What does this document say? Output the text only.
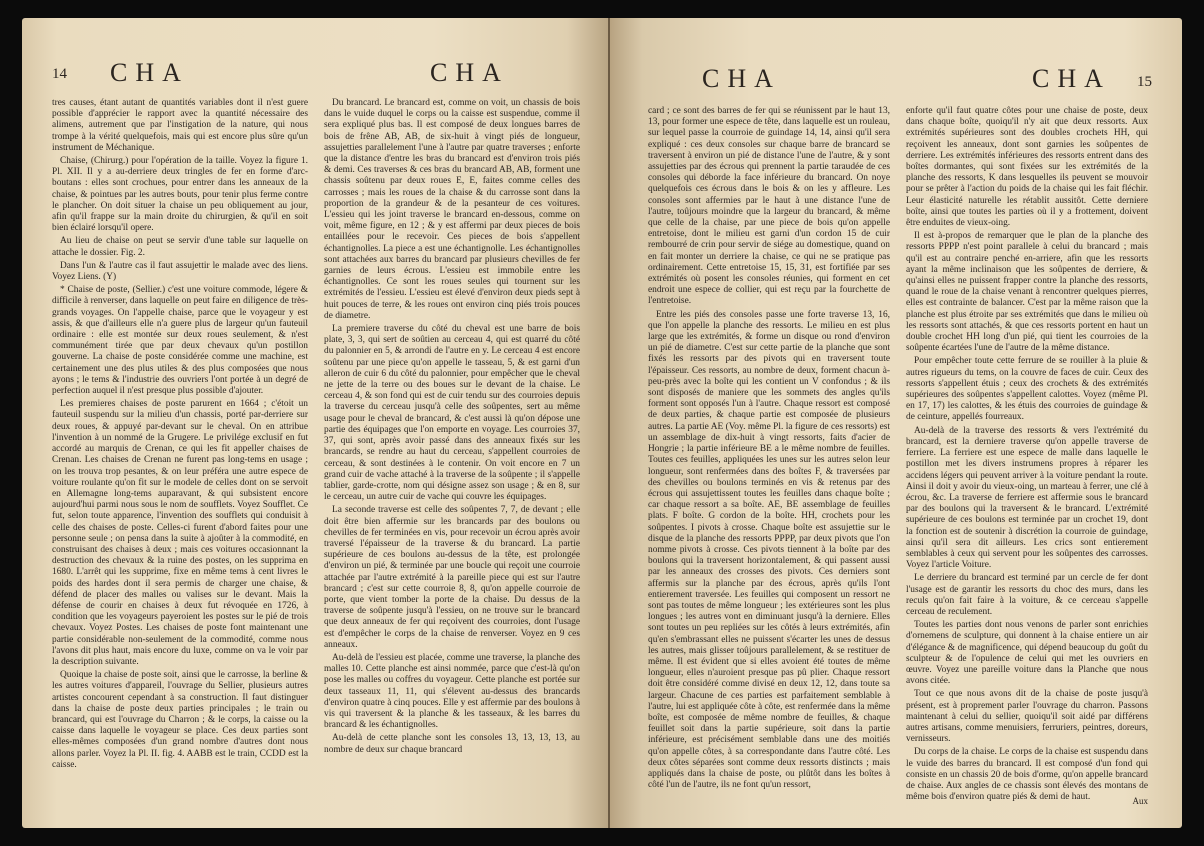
14 CHA	CHA

tres causes, étant autant de quantités variables dont il n'est guere possible d'apprécier le rapport avec la quantité nécessaire des alimens, autrement que par l'instigation de la nature, qui nous trompe à la vérité quelquefois, mais qui est encore plus sûre qu'un instrument de Méchanique.

Chaise, (Chirurg.) pour l'opération de la taille. Voyez la figure 1. Pl. XII. Il y a au-derriere deux tringles de fer en forme d'arc-boutans : elles sont crochues, pour entrer dans les anneaux de la chaise, & pointues par les autres bouts, pour tenir plus ferme contre le plancher. On doit situer la chaise un peu obliquement au jour, afin qu'il frappe sur la main droite du chirurgien, & qu'il en soit bien éclairé lorsqu'il opere.

Au lieu de chaise on peut se servir d'une table sur laquelle on attache le dossier. Fig. 2.

Dans l'un & l'autre cas il faut assujettir le malade avec des liens. Voyez Liens. (Y)

* Chaise de poste, (Sellier.) c'est une voiture commode, légere & difficile à renverser, dans laquelle on peut faire en diligence de très-grands voyages. On l'appelle chaise, parce que le voyageur y est assis, & que d'ailleurs elle n'a guere plus de largeur qu'un fauteuil ordinaire : elle est montée sur deux roues seulement, & n'est communément tirée que par deux chevaux qu'un postillon gouverne. La chaise de poste considérée comme une machine, est certainement une des plus utiles & des plus composées que nous ayons ; le tems & l'industrie des ouvriers l'ont portée à un degré de perfection auquel il n'est presque plus possible d'ajouter.

Les premieres chaises de poste parurent en 1664 ; c'étoit un fauteuil suspendu sur la milieu d'un chassis, porté par-derriere sur deux roues, & appuyé par-devant sur le cheval. On en attribue l'invention à un nommé de la Grugere. Le privilége exclusif en fut accordé au marquis de Crenan, ce qui les fit appeller chaises de Crenan. Les chaises de Crenan ne furent pas long-tems en usage ; on les trouva trop pesantes, & on leur préféra une autre espece de voiture roulante qu'on fit sur le modele de celles dont on se servoit en Allemagne long-tems auparavant, & qui subsistent encore aujourd'hui parmi nous sous le nom de soufflets. Voyez Soufflet. Ce fut, selon toute apparence, l'invention des soufflets qui conduisit à celle des chaises de poste. Celles-ci furent d'abord faites pour une personne seule ; on pensa dans la suite à ajoûter à la commodité, en construisant des chaises à deux ; mais ces voitures occasionnant la destruction des chevaux & la ruine des postes, on les supprima en 1680. L'arrêt qui les supprime, fixe en même tems à cent livres le poids des hardes dont il sera permis de charger une chaise, & défend de placer des malles ou valises sur le devant. Mais la défense de courir en chaises à deux fut révoquée en 1726, à condition que les voyageurs payeroient les postes sur le pié de trois chevaux. Voyez Postes. Les chaises de poste font maintenant une partie considérable non-seulement de la commodité, comme nous l'avons dit plus haut, mais encore du luxe, comme on va le voir par la description suivante.

Quoique la chaise de poste soit, ainsi que le carrosse, la berline & les autres voitures d'appareil, l'ouvrage du Sellier, plusieurs autres artistes concourent cependant à sa construction. Il faut distinguer dans la chaise de poste deux parties principales ; le train ou brancard, qui est l'ouvrage du Charron ; & le corps, la caisse ou la caisse dans laquelle le voyageur se place. Ces deux parties sont elles-mêmes composées d'un grand nombre d'autres dont nous allons parler. Voyez la Pl. II. fig. 4. AABB est le train, CCDD est la caisse.

Du brancard. Le brancard est, comme on voit, un chassis de bois dans le vuide duquel le corps ou la caisse est suspendue, comme il sera expliqué plus bas. Il est composé de deux longues barres de bois de frêne AB, AB, de six-huit à vingt piés de longueur, assujetties parallelement l'une à l'autre par quatre traverses ; enforte que la distance d'entre les bras du brancard est d'environ trois piés & demi. Ces traverses & ces bras du brancard AB, AB, forment une chassis soûtenu par deux roues E, E, faites comme celles des carrosses ; mais les roues de la chaise & du carrosse sont dans la proportion de la grandeur & de la pesanteur de ces voitures. L'essieu qui les joint traverse le brancard en-dessous, comme on voit, même figure, en 12 ; & y est affermi par deux pieces de bois entaillées pour le recevoir. Ces pieces de bois s'appellent échantignolles. La piece a est une échantignolle. Les échantignolles sont attachées aux barres du brancard par plusieurs chevilles de fer garnies de leurs écrous. L'essieu est immobile entre les échantignolles. Ce sont les roues seules qui tournent sur les extrémités de l'essieu. L'essieu est élevé d'environ deux pieds sept à huit pouces de terre, & les roues ont environ cinq piés trois pouces de diametre.

La premiere traverse du côté du cheval est une barre de bois plate, 3, 3, qui sert de soûtien au cerceau 4, qui est quarré du côté du palonnier en 5, & arrondi de l'autre en y. Le cerceau 4 est encore soûtenu par une piece qu'on appelle le tasseau, 5, & est garni d'un alleron de cuir 6 du côté du palonnier, pour empêcher que le cheval ne jette de la terre ou des boues sur le devant de la chaise. Le cerceau 4, & son fond qui est de cuir tendu sur des courroies depuis la traverse du cerceau jusqu'à celle des soûpentes, sert au même usage pour le cheval de brancard, & c'est aussi là qu'on dépose une partie des équipages que l'on emporte en voyage. Les courroies 37, 37, qui sont, après avoir passé dans des anneaux fixés sur les brancards, se rendre au haut du cerceau, s'appellent courroies de cerceau, & sont destinées à le contenir. On voit encore en 7 un grand cuir de vache attaché à la traverse de la soûpente ; il s'appelle tablier, garde-crotte, nom qui désigne assez son usage ; & en 8, sur le cerceau, un autre cuir de vache qui couvre les équipages.

La seconde traverse est celle des soûpentes 7, 7, de devant ; elle doit être bien affermie sur les brancards par des boulons ou chevilles de fer terminées en vis, pour recevoir un écrou après avoir traversé l'épaisseur de la traverse & du brancard. La partie supérieure de ces boulons au-dessus de la tête, est prolongée d'environ un pié, & terminée par une boucle qui reçoit une courroie attachée par l'autre extrémité à la pareille piece qui est sur l'autre brancard ; c'est sur cette courroie 8, 8, qu'on appelle courroie de porte, que vient tomber la porte de la chaise. Du dessus de la traverse de soûpente jusqu'à l'essieu, on ne trouve sur le brancard que deux anneaux de fer qui reçoivent des courroies, dont l'usage est d'empêcher le corps de la chaise de renverser. Voyez en 9 ces anneaux.

Au-delà de l'essieu est placée, comme une traverse, la planche des malles 10. Cette planche est ainsi nommée, parce que c'est-là qu'on pose les malles ou coffres du voyageur. Cette planche est portée sur deux tasseaux 11, 11, qui s'élevent au-dessus des brancards d'environ quatre à cinq pouces. Elle y est affermie par des boulons à vis qui traversent & la planche & les tasseaux, & les barres du brancard & les échantignolles.

Au-delà de cette planche sont les consoles 13, 13, 13, 13, au nombre de deux sur chaque brancard

CHA	CHA 15

card ; ce sont des barres de fer qui se réunissent par le haut 13, 13, pour former une espece de tête, dans laquelle est un rouleau, sur lequel passe la courroie de guindage 14, 14, ainsi qu'il sera expliqué : ces deux consoles sur chaque barre de brancard se traversent à environ un pié de distance l'une de l'autre, & y sont assujetties par des écrous qui prennent la partie taraudée de ces consoles qui déborde la face inférieure du brancard. On noye quelquefois ces écrous dans le bois & on les y affleure. Les consoles sont affermies par le haut à une distance l'une de l'autre, toûjours moindre que la largeur du brancard, & même que celle de la chaise, par une piece de bois qu'on appelle entretoise, dont le milieu est garni d'un cordon 15 de cuir rembourré de crin pour servir de siége au domestique, quand on en fait monter un derriere la chaise, ce qui ne se pratique pas ordinairement. Cette entretoise 15, 15, 31, est fortifiée par ses extrémités où posent les consoles réunies, qui forment en cet endroit une espece de collier, qui est reçu par la fourchette de l'entretoise.

Entre les piés des consoles passe une forte traverse 13, 16, que l'on appelle la planche des ressorts. Le milieu en est plus large que les extrémités, & forme un disque ou rond d'environ un pié de diametre. C'est sur cette partie de la planche que sont fixés les ressorts par des pivots qui en traversent toute l'épaisseur. Ces ressorts, au nombre de deux, forment chacun à-peu-près avec la boîte qui les contient un V confondus ; & ils sont disposés de maniere que les sommets des angles qu'ils forment sont opposés l'un à l'autre. Chaque ressort est composé de deux parties, & chaque partie est composée de plusieurs autres. La partie AE (Voy. même Pl. la figure de ces ressorts) est un assemblage de dix-huit à vingt ressorts, faits d'acier de Hongrie ; la partie inférieure BE a le même nombre de feuilles. Toutes ces feuilles, appliquées les unes sur les autres selon leur longueur, sont renfermées dans des boîtes F, & traversées par des chevilles ou boulons terminés en vis & retenus par des écrous qui assujettissent toutes les feuilles dans chaque boîte ; car chaque ressort a sa boîte. AE, BE assemblage de feuilles plats. F boîte. G cordon de la boîte. HH, crochets pour les soûpentes. I pivots à crosse. Chaque boîte est assujettie sur le disque de la planche des ressorts PPPP, par deux pivots que l'on nomme pivots à crosse. Ces pivots tiennent à la boîte par des boulons qui la traversent horizontalement, & qui passent aussi par les anneaux des crosses des pivots. Ces derniers sont affermis sur la planche par des écrous, après qu'ils l'ont entierement traversée. Les feuilles qui composent un ressort ne sont pas toutes de même longueur ; les extérieures sont les plus longues ; les autres vont en diminuant jusqu'à la derniere. Elles sont toutes un peu repliées sur les côtés à leurs extrémités, afin qu'en s'embrassant elles ne puissent s'écarter les unes de dessus les autres, mais glisser toûjours parallelement, & se restituer de même. Il est évident que si elles avoient été toutes de même longueur, elles n'auroient presque pas pû plier. Chaque ressort doit être considéré comme divisé en deux 12, 12, dans toute sa largeur. Chacune de ces parties est parfaitement semblable à l'autre, lui est appliquée côte à côte, est renfermée dans la même boîte, est composée de même nombre de feuilles, & chaque feuillet soit dans la partie supérieure, soit dans la partie inférieure, est précisément semblable dans une des moitiés qu'on appelle côtes, à sa correspondante dans l'autre côté. Les deux côtes séparées sont comme deux ressorts distincts ; mais appliqués dans la chaise de poste, ou plûtôt dans les boîtes à côté l'un de l'autre, ils ne font qu'un ressort,

enforte qu'il faut quatre côtes pour une chaise de poste, deux dans chaque boîte, quoiqu'il n'y ait que deux ressorts. Aux extrémités supérieures sont des doubles crochets HH, qui reçoivent les anneaux, dont sont garnies les soûpentes de derriere. Les extrémités inférieures des ressorts entrent dans des boîtes dormantes, qui sont fixées sur les extrémités de la planche des ressorts, K dans lesquelles ils peuvent se mouvoir pour se prêter à l'action du poids de la chaise qui les fait fléchir. Leur élasticité naturelle les rétablit aussitôt. Cette derniere boîte, ainsi que toutes les parties où il y a frottement, doivent être enduites de vieux-oing.

Il est à-propos de remarquer que le plan de la planche des ressorts PPPP n'est point parallele à celui du brancard ; mais qu'il est au contraire penché en-arriere, afin que les ressorts ayant la même inclinaison que les soûpentes de derriere, & qu'ainsi elles ne puissent frapper contre la planche des ressorts, quand le roue de la chaise venant à rencontrer quelques pierres, elles est contrainte de balancer. C'est par la même raison que la planche est plus étroite par ses extrémités que dans le milieu où les ressorts sont attachés, & que ces ressorts portent en haut un double crochet HH long d'un pié, qui tient les courroies de la soûpente écartées l'une de l'autre de la même distance.

Pour empêcher toute cette ferrure de se rouiller à la pluie & autres rigueurs du tems, on la couvre de faces de cuir. Ceux des ressorts s'appellent étuis ; ceux des crochets & des extrémités supérieures des soûpentes s'appellent calottes. Voyez (même Pl. en 17, 17) les calottes, & les étuis des courroies de guindage & de ceinture, appellés fourreaux.

Au-delà de la traverse des ressorts & vers l'extrémité du brancard, est la derniere traverse qu'on appelle traverse de ferriere. La ferriere est une espece de malle dans laquelle le postillon met les divers instrumens propres à réparer les accidens légers qui peuvent arriver à la voiture pendant la route. Ainsi il doit y avoir du vieux-oing, un marteau à ferrer, une clé à écrou, &c. La traverse de ferriere est affermie sous le brancard par des boulons qui la traversent & le brancard. L'extrémité supérieure de ces boulons est terminée par un crochet 19, dont la fonction est de soutenir à discrétion la courroie de guindage, ainsi qu'il sera dit ailleurs. Les crics sont entierement semblables à ceux qui servent pour les soûpentes des carrosses. Voyez l'article Voiture.

Le derriere du brancard est terminé par un cercle de fer dont l'usage est de garantir les ressorts du choc des murs, dans les reculs qu'on fait faire à la voiture, & ce cerceau s'appelle cerceau de reculement.

Toutes les parties dont nous venons de parler sont enrichies d'ornemens de sculpture, qui donnent à la chaise entiere un air d'élégance & de magnificence, qui dépend beaucoup du goût du sculpteur & de l'opulence de celui qui met les ouvriers en œuvre. Voyez une pareille voiture dans la Planche que nous avons citée.

Tout ce que nous avons dit de la chaise de poste jusqu'à présent, est à proprement parler l'ouvrage du charron. Passons maintenant à celui du sellier, quoiqu'il soit aidé par différens autres artisans, comme menuisiers, ferruriers, peintres, doreurs, vernisseurs.

Du corps de la chaise. Le corps de la chaise est suspendu dans le vuide des barres du brancard. Il est composé d'un fond qui consiste en un chassis 20 de bois d'orme, qu'on appelle brancard de chaise. Aux angles de ce chassis sont élevés des montans de même bois d'environ quatre piés & demi de haut.	Aux
